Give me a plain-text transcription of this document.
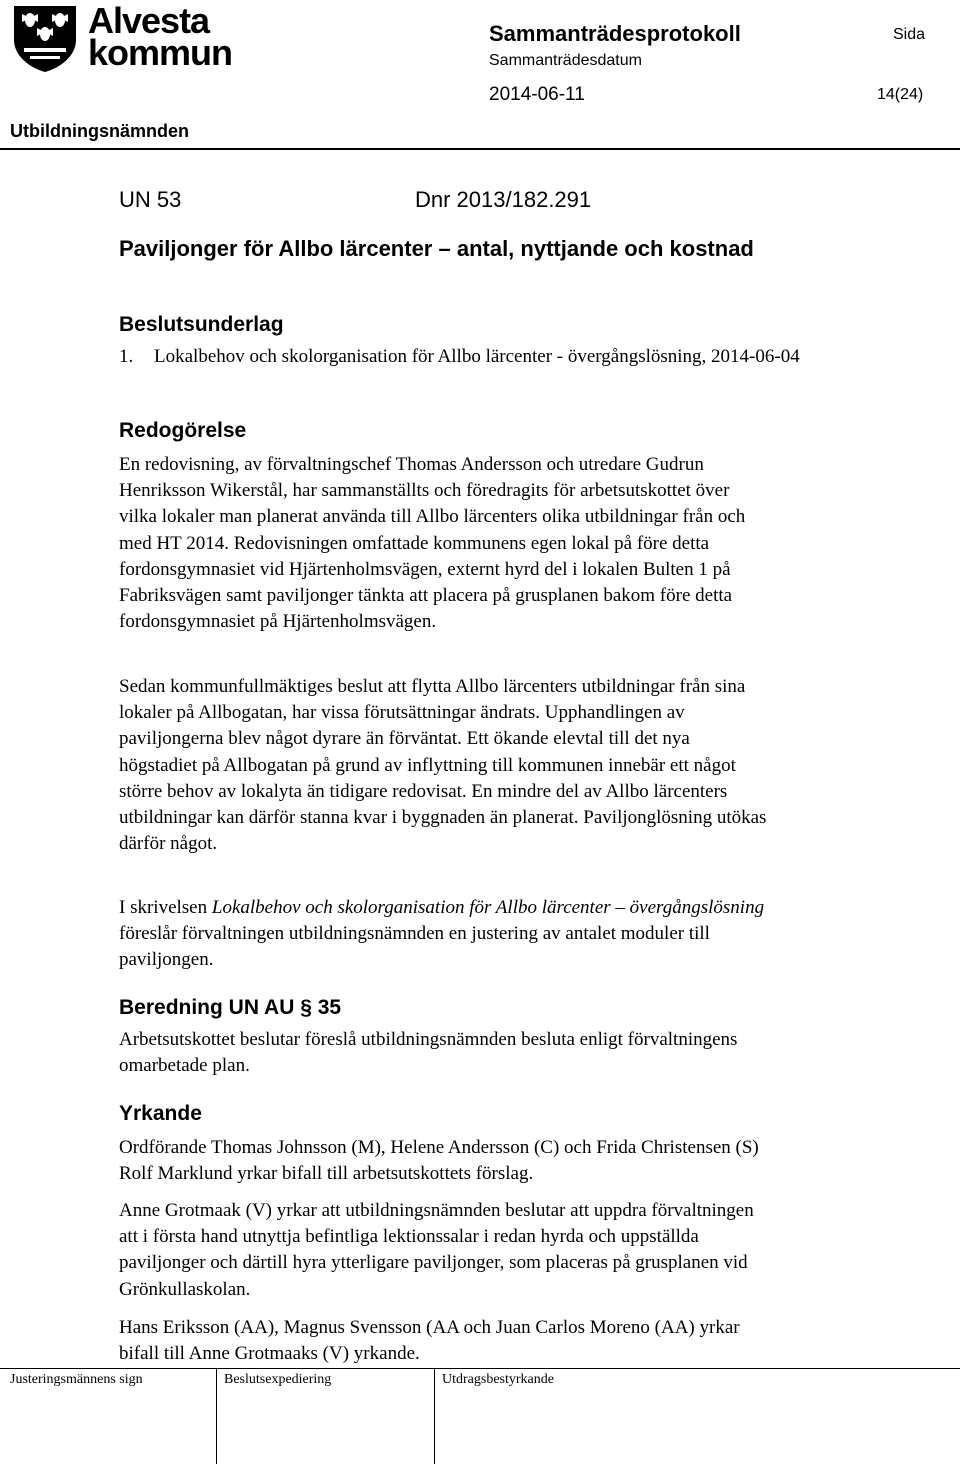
Alvesta
kommun	Sammanträdesprotokoll	Sida
Sammanträdesdatum
2014-06-11	14(24)
Utbildningsnämnden
UN 53	Dnr 2013/182.291
Paviljonger för Allbo lärcenter – antal, nyttjande och kostnad
Beslutsunderlag
1. Lokalbehov och skolorganisation för Allbo lärcenter - övergångslösning, 2014-06-04
Redogörelse
En redovisning, av förvaltningschef Thomas Andersson och utredare Gudrun Henriksson Wikerstål, har sammanställts och föredragits för arbetsutskottet över vilka lokaler man planerat använda till Allbo lärcenters olika utbildningar från och med HT 2014. Redovisningen omfattade kommunens egen lokal på före detta fordonsgymnasiet vid Hjärtenholmsvägen, externt hyrd del i lokalen Bulten 1 på Fabriksvägen samt paviljonger tänkta att placera på grusplanen bakom före detta fordonsgymnasiet på Hjärtenholmsvägen.
Sedan kommunfullmäktiges beslut att flytta Allbo lärcenters utbildningar från sina lokaler på Allbogatan, har vissa förutsättningar ändrats. Upphandlingen av paviljongerna blev något dyrare än förväntat. Ett ökande elevtal till det nya högstadiet på Allbogatan på grund av inflyttning till kommunen innebär ett något större behov av lokalyta än tidigare redovisat. En mindre del av Allbo lärcenters utbildningar kan därför stanna kvar i byggnaden än planerat. Paviljonglösning utökas därför något.
I skrivelsen Lokalbehov och skolorganisation för Allbo lärcenter – övergångslösning föreslår förvaltningen utbildningsnämnden en justering av antalet moduler till paviljongen.
Beredning UN AU § 35
Arbetsutskottet beslutar föreslå utbildningsnämnden besluta enligt förvaltningens omarbetade plan.
Yrkande
Ordförande Thomas Johnsson (M), Helene Andersson (C) och Frida Christensen (S) Rolf Marklund yrkar bifall till arbetsutskottets förslag.
Anne Grotmaak (V) yrkar att utbildningsnämnden beslutar att uppdra förvaltningen att i första hand utnyttja befintliga lektionssalar i redan hyrda och uppställda paviljonger och därtill hyra ytterligare paviljonger, som placeras på grusplanen vid Grönkullaskolan.
Hans Eriksson (AA), Magnus Svensson (AA och Juan Carlos Moreno (AA) yrkar bifall till Anne Grotmaaks (V) yrkande.
Justeringsmännens sign	Beslutsexpediering	Utdragsbestyrkande
